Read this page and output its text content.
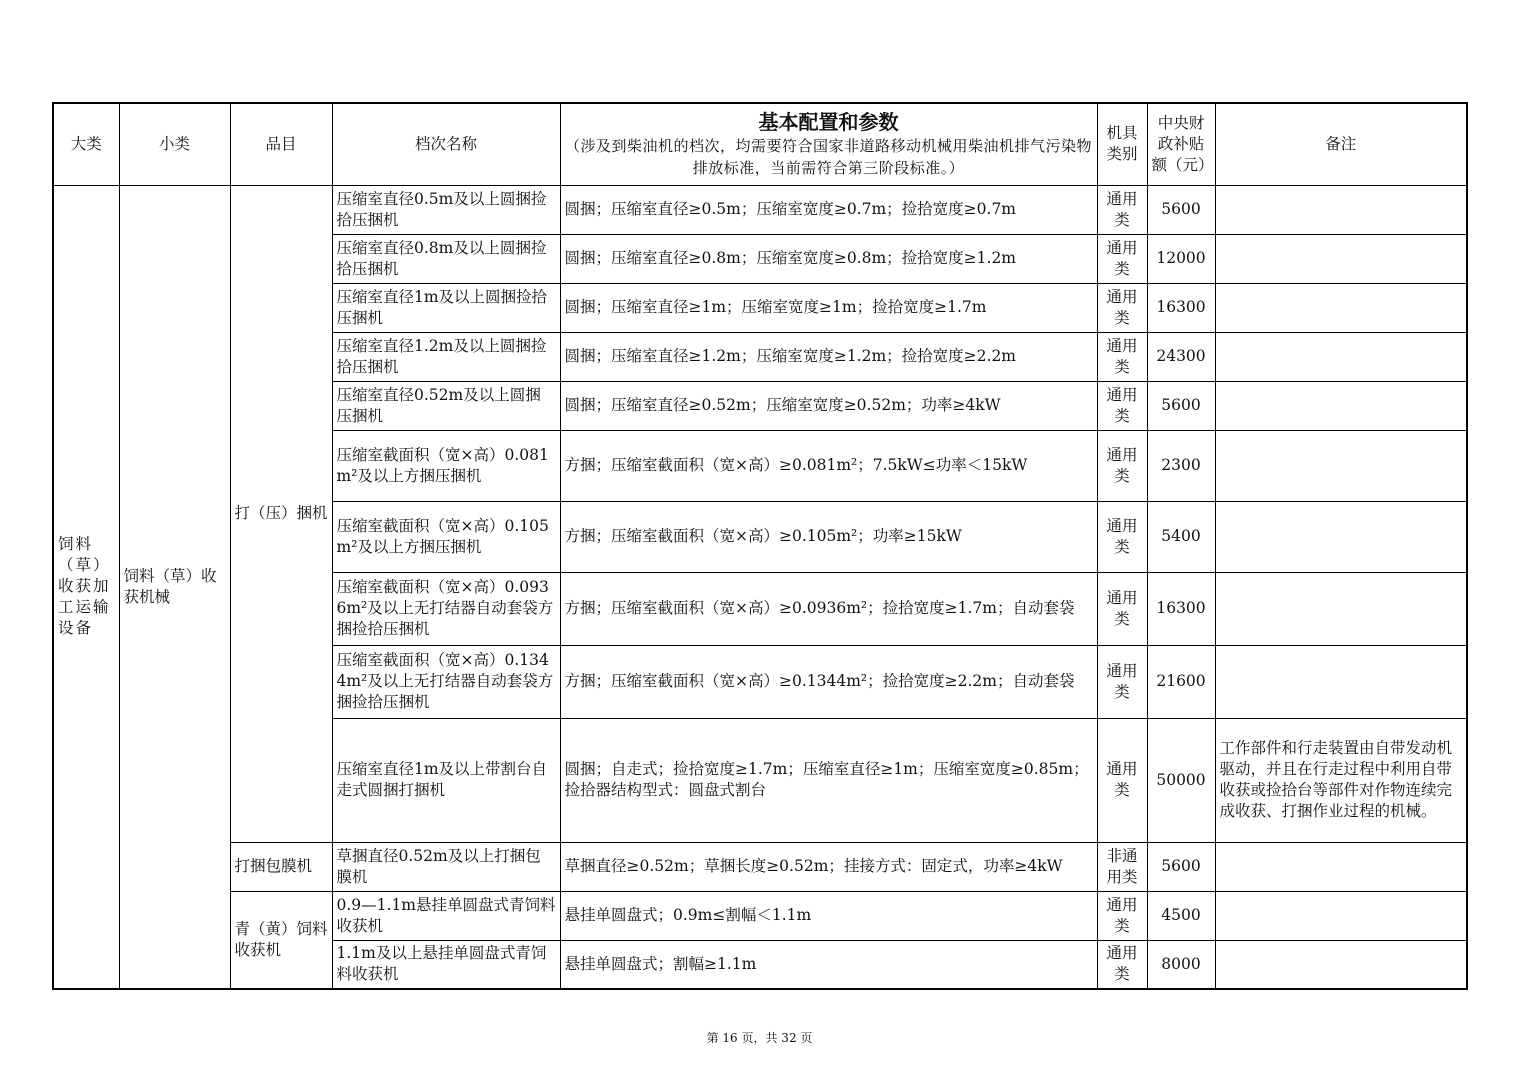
大类	小类	品目	档次名称	基本配置和参数
（涉及到柴油机的档次，均需要符合国家非道路移动机械用柴油机排气污染物排放标准，当前需符合第三阶段标准。）	机具类别	中央财政补贴额（元）	备注
饲料（草）收获加工运输设备	饲料（草）收获机械	打（压）捆机	压缩室直径0.5m及以上圆捆捡拾压捆机	圆捆；压缩室直径≥0.5m；压缩室宽度≥0.7m；捡拾宽度≥0.7m	通用类	5600	
			压缩室直径0.8m及以上圆捆捡拾压捆机	圆捆；压缩室直径≥0.8m；压缩室宽度≥0.8m；捡拾宽度≥1.2m	通用类	12000	
			压缩室直径1m及以上圆捆捡拾压捆机	圆捆；压缩室直径≥1m；压缩室宽度≥1m；捡拾宽度≥1.7m	通用类	16300	
			压缩室直径1.2m及以上圆捆捡拾压捆机	圆捆；压缩室直径≥1.2m；压缩室宽度≥1.2m；捡拾宽度≥2.2m	通用类	24300	
			压缩室直径0.52m及以上圆捆压捆机	圆捆；压缩室直径≥0.52m；压缩室宽度≥0.52m；功率≥4kW	通用类	5600	
			压缩室截面积（宽×高）0.081m²及以上方捆压捆机	方捆；压缩室截面积（宽×高）≥0.081m²；7.5kW≤功率＜15kW	通用类	2300	
			压缩室截面积（宽×高）0.105m²及以上方捆压捆机	方捆；压缩室截面积（宽×高）≥0.105m²；功率≥15kW	通用类	5400	
			压缩室截面积（宽×高）0.0936m²及以上无打结器自动套袋方捆捡拾压捆机	方捆；压缩室截面积（宽×高）≥0.0936m²；捡拾宽度≥1.7m；自动套袋	通用类	16300	
			压缩室截面积（宽×高）0.1344m²及以上无打结器自动套袋方捆捡拾压捆机	方捆；压缩室截面积（宽×高）≥0.1344m²；捡拾宽度≥2.2m；自动套袋	通用类	21600	
			压缩室直径1m及以上带割台自走式圆捆打捆机	圆捆；自走式；捡拾宽度≥1.7m；压缩室直径≥1m；压缩室宽度≥0.85m；捡拾器结构型式：圆盘式割台	通用类	50000	工作部件和行走装置由自带发动机驱动，并且在行走过程中利用自带收获或捡拾台等部件对作物连续完成收获、打捆作业过程的机械。
		打捆包膜机	草捆直径0.52m及以上打捆包膜机	草捆直径≥0.52m；草捆长度≥0.52m；挂接方式：固定式，功率≥4kW	非通用类	5600	
		青（黄）饲料收获机	0.9—1.1m悬挂单圆盘式青饲料收获机	悬挂单圆盘式；0.9m≤割幅＜1.1m	通用类	4500	
			1.1m及以上悬挂单圆盘式青饲料收获机	悬挂单圆盘式；割幅≥1.1m	通用类	8000	
第 16 页，共 32 页
